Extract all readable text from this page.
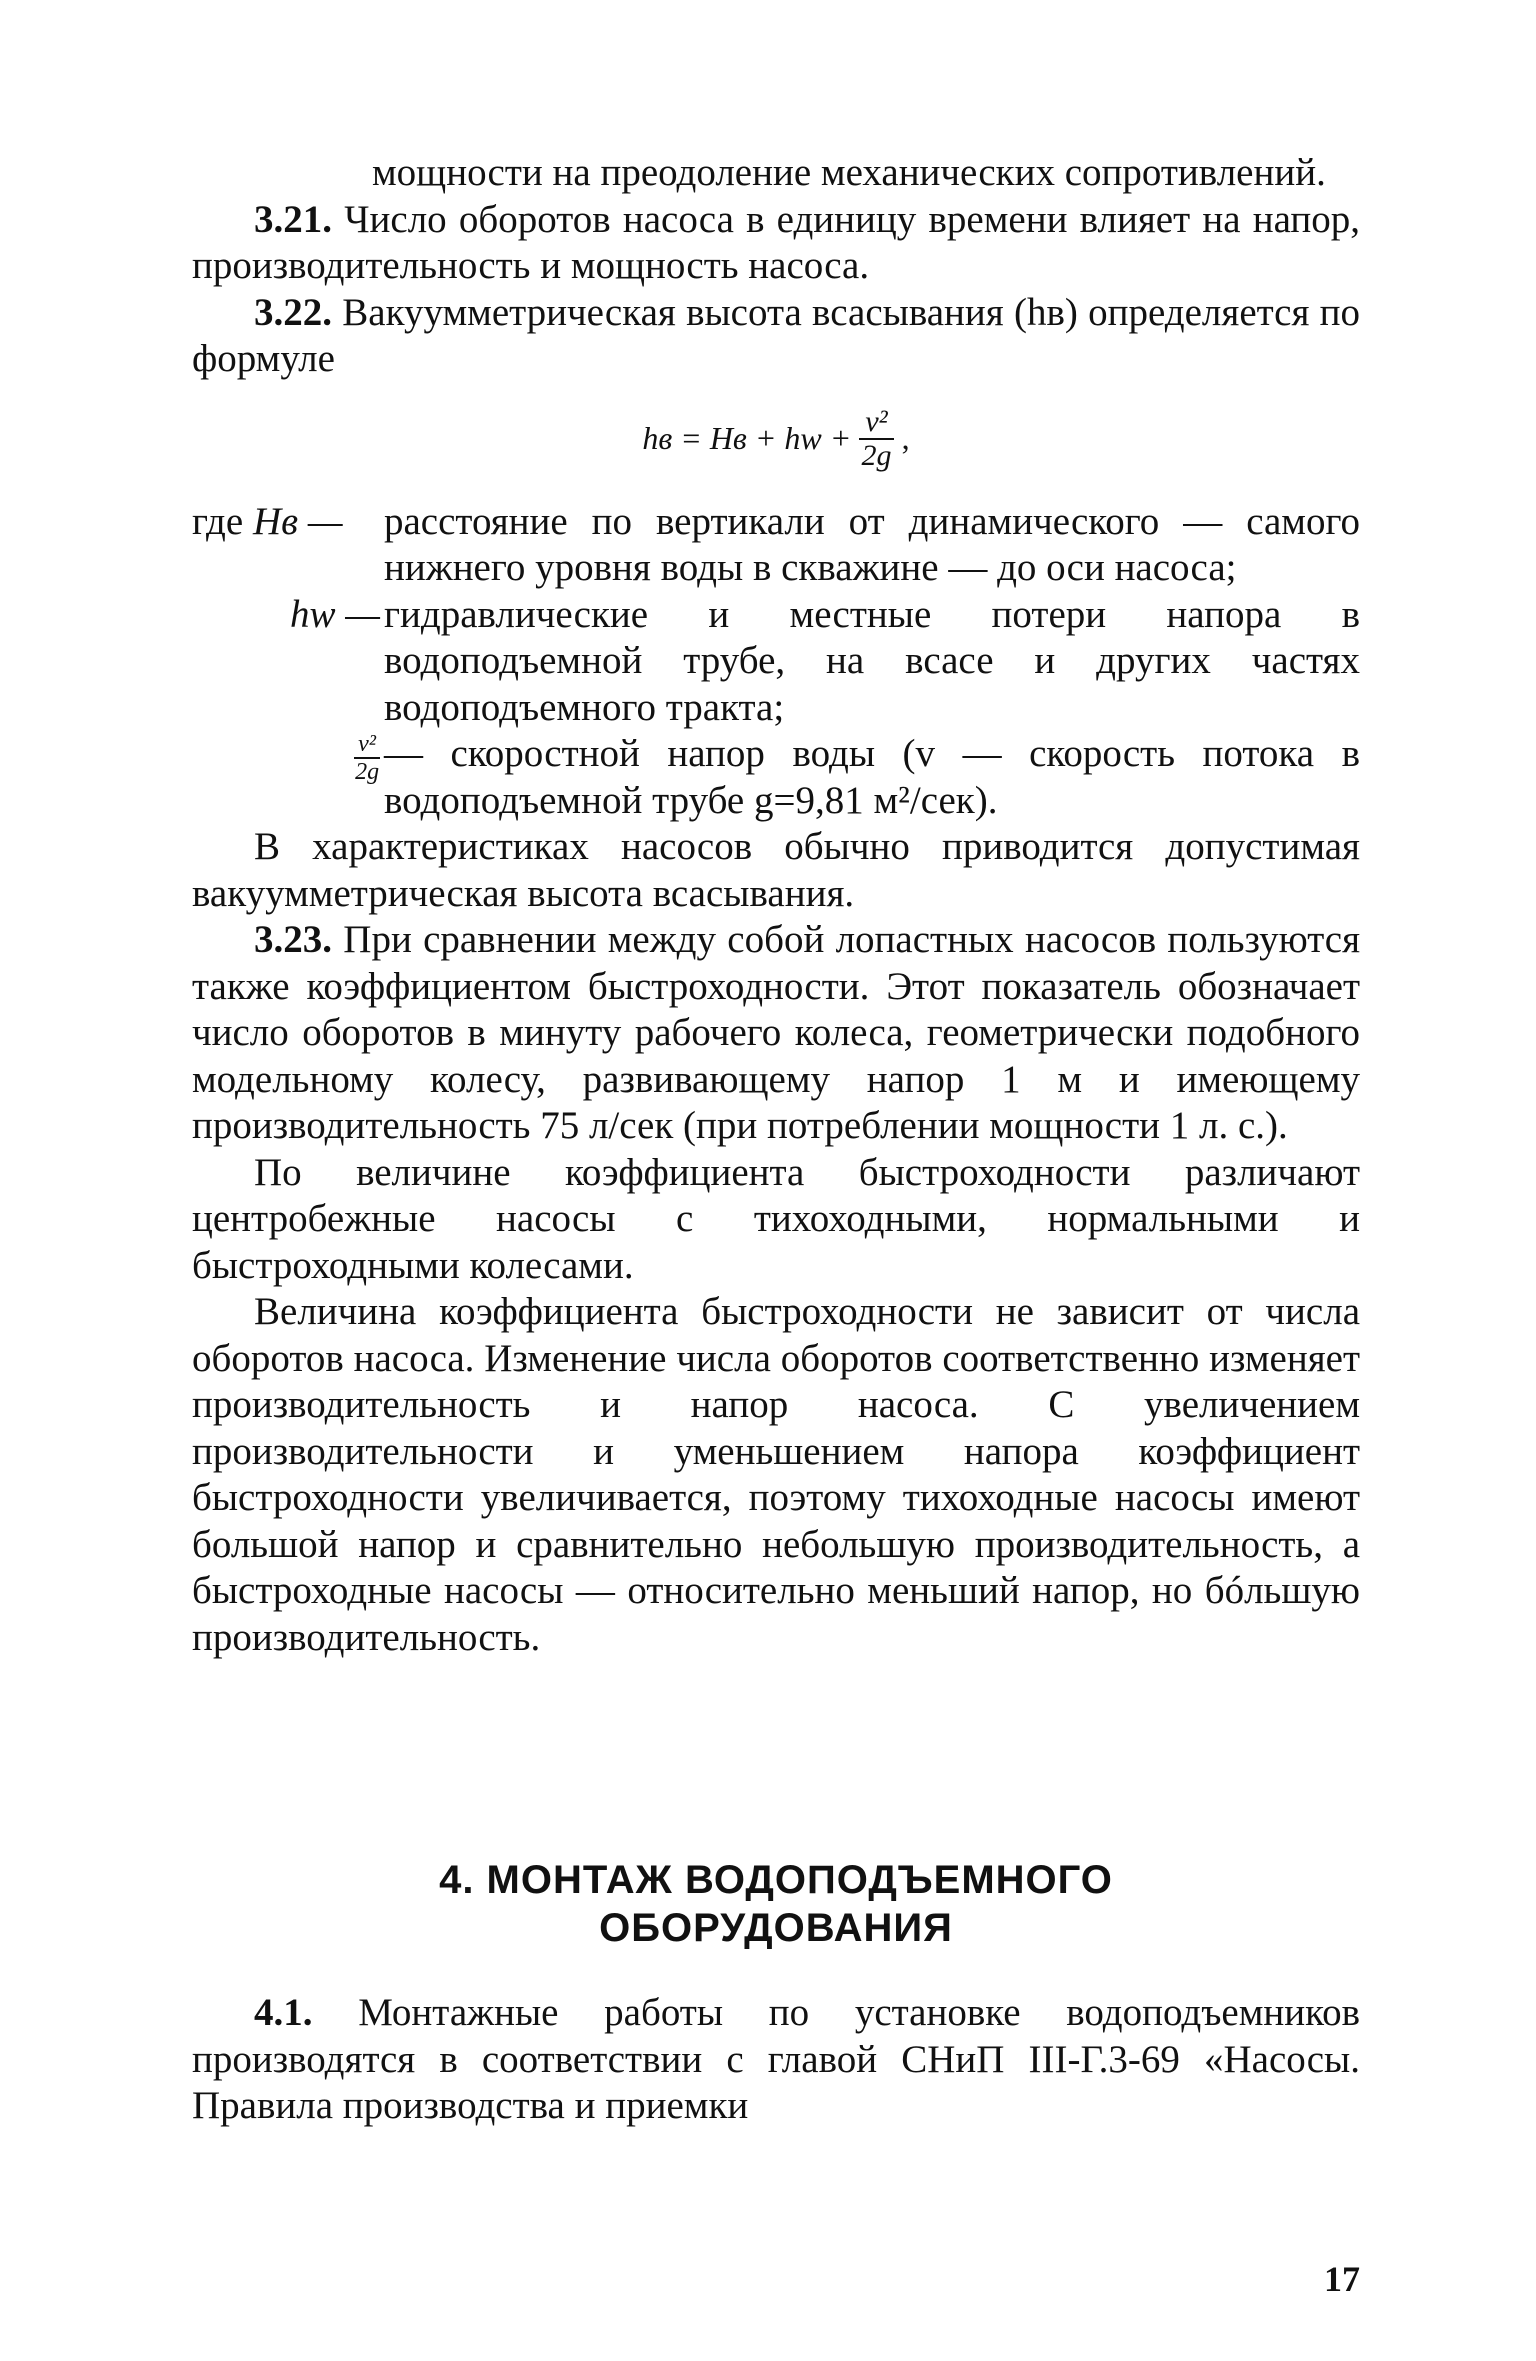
мощности на преодоление механических сопротивлений.

3.21. Число оборотов насоса в единицу времени влияет на напор, производительность и мощность насоса.

3.22. Вакуумметрическая высота всасывания (hв) определяется по формуле

hв = Hв + hw + $\frac{\text{v²}}{2g}$ ,
где Hв —	расстояние по вертикали от динамического — самого нижнего уровня воды в скважине — до оси насоса;
hw — гидравлические и местные потери напора в водоподъемной трубе, на всасе и других частях водоподъемного тракта;
$\frac{\text{v²}}{2g}$ — скоростной напор воды (v — скорость потока в водоподъемной трубе g=9,81 м²/сек).

В характеристиках насосов обычно приводится допустимая вакуумметрическая высота всасывания.

3.23. При сравнении между собой лопастных насосов пользуются также коэффициентом быстроходности. Этот показатель обозначает число оборотов в минуту рабочего колеса, геометрически подобного модельному колесу, развивающему напор 1 м и имеющему производительность 75 л/сек (при потреблении мощности 1 л. с.).

По величине коэффициента быстроходности различают центробежные насосы с тихоходными, нормальными и быстроходными колесами.

Величина коэффициента быстроходности не зависит от числа оборотов насоса. Изменение числа оборотов соответственно изменяет производительность и напор насоса. С увеличением производительности и уменьшением напора коэффициент быстроходности увеличивается, поэтому тихоходные насосы имеют большой напор и сравнительно небольшую производительность, а быстроходные насосы — относительно меньший напор, но бóльшую производительность.

4. МОНТАЖ ВОДОПОДЪЕМНОГО
ОБОРУДОВАНИЯ

4.1. Монтажные работы по установке водоподъемников производятся в соответствии с главой СНиП III-Г.3-69 «Насосы. Правила производства и приемки

17
